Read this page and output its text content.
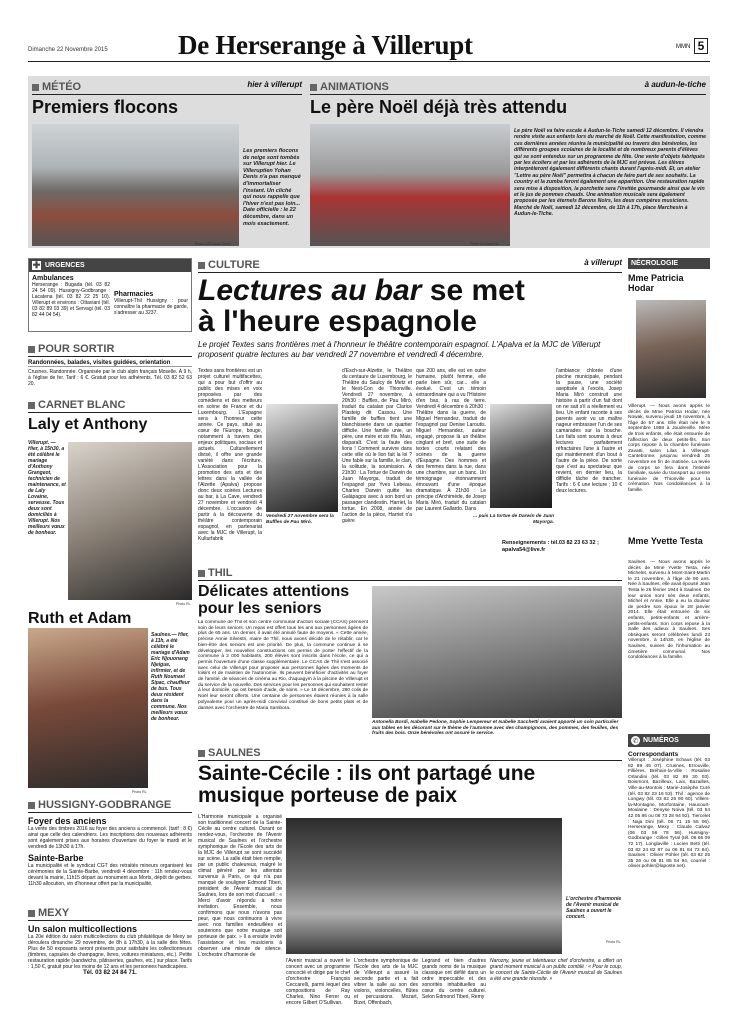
Dimanche 22 Novembre 2015	De Herserange à Villerupt	MMN 5
MÉTÉO	hier à villerupt
Premiers flocons
Les premiers flocons de neige sont tombés sur Villerupt hier. Le Villeruptien Yohan Denis n'a pas manqué d'immortaliser l'instant. Un cliché qui nous rappelle que l'hiver n'est pas loin... Date officielle : le 22 décembre, dans un mois exactement.
Photo DR/Yohan Denis
ANIMATIONS	à audun-le-tiche
Le père Noël déjà très attendu
Le père Noël va faire escale à Audun-le-Tiche samedi 12 décembre. Il viendra rendre visite aux enfants lors du marché de Noël. Cette manifestation, comme ces dernières années réunira la municipalité ou travers des bénévoles, les différents groupes scolaires de la localité et de nombreux parents d'élèves qui se sont entendus sur un programme de fête. Une vente d'objets fabriqués par les écoliers et par les adhérents de la MJC est prévue. Les élèves interpréteront également différents chants durant l'après-midi. Et, un atelier "Lettre au père Noël" permettra à chacun de faire part de ses souhaits. La country et la zumba feront également une apparition. Une restauration rapide sera mise à disposition, la porchette sera l'invitée gourmande ainsi que le vin et le jus de pommes chauds. Une animation musicale sera également proposée par les éternels Barons Noirs, les deux compères musiciens. Marché de Noël, samedi 12 décembre, de 11h à 17h, place Marchesin à Audun-le-Tiche.
Photo Archives RL
✚ URGENCES
Ambulances
Herserange : Bugada (tél. 03 82 24 54 09). Hussigny-Godbrange : Lacatena (tél. 03 82 22 25 10). Villerupt et environs : Ottaviani (tél. 03 82 89 03 39) et Servagi (tél. 03 82 44 04 54).
Pharmacies
Villerupt-Thil Hussigny : pour connaître la pharmacie de garde, s'adresser au 3237.
POUR SORTIR
Randonnées, balades, visites guidées, orientation
Crusnes. Randonnée. Organisée par le club alpin français Moselle. À 9 h, à l'église de fer. Tarif : 6 €. Gratuit pour les adhérents. Tél. 03 82 52 63 20.
CARNET BLANC
Laly et Anthony
Villerupt. — Hier, à 15h30, a été célébré le mariage d'Anthony Grangeot, technicien de maintenance, et de Laly Lovaine, serveuse. Tous deux sont domiciliés à Villerupt. Nos meilleurs vœux de bonheur.
Photo RL
Ruth et Adam
Saulnes.— Hier, à 11h, a été célébré le mariage d'Adam Eric Njouonang Njeigue, infirmier, et de Ruth Noumavi Sipac, chauffeur de bus. Tous deux résident dans la commune. Nos meilleurs vœux de bonheur.
Photo RL
HUSSIGNY-GODBRANGE
Foyer des anciens
La vente des timbres 2016 au foyer des anciens a commencé. (tarif : 8 €) ainsi que celle des calendriers. Les inscriptions des nouveaux adhérents sont également prises aux horaires d'ouverture du foyer le mardi et le vendredi de 13h30 à 17h.
Sainte-Barbe
La municipalité et le syndicat CGT des retraités mineurs organisent les cérémonies de la Sainte-Barbe, vendredi 4 décembre : 11h rendez-vous devant la mairie, 11h15 départ au monument aux Morts, dépôt de gerbes. 11h30 allocution, vin d'honneur offert par la municipalité.
MEXY
Un salon multicollections
La 20e édition du salon multicollections du club philatélique de Mexy se déroulera dimanche 29 novembre, de 8h à 17h30, à la salle des fêtes. Plus de 50 exposants seront présents pour satisfaire les collectionneurs (timbres, capsules de champagne, livres, voitures miniatures, etc.). Petite restauration rapide (sandwichs, pâtisseries, gaufres, etc.) sur place. Tarifs : 1,50 €, gratuit pour les moins de 12 ans et les personnes handicapées.
Tél. 03 82 24 84 71.
CULTURE	à villerupt
Lectures au bar se met
à l'heure espagnole
Le projet Textes sans frontières met à l'honneur le théâtre contemporain espagnol. L'Apalva et la MJC de Villerupt proposent quatre lectures au bar vendredi 27 novembre et vendredi 4 décembre.
Textes sans frontières est un projet culturel multifacettes, qui a pour but d'offrir au public des mises en voix proposées par des comédiens et des metteurs en scène de France et du Luxembourg. L'Espagne sera à l'honneur cette année. Ce pays, situé au cœur de l'Europe, bouge, notamment à travers des enjeux politiques, sociaux et actuels. Culturellement divisé, il offre une grande variété dans l'écriture. L'Association pour la promotion des arts et des lettres dans la vallée de l'Alzette (Apalva) propose donc deux soirées Lectures au bar, à La Cave, vendredi 27 novembre et vendredi 4 décembre. L'occasion de partir à la découverte du théâtre contemporain espagnol, en partenariat avec la MJC de Villerupt, la Kulturfabrik
Vendredi 27 novembre sera la Buffles de Pau Miró.
d'Esch-sur-Alzette, le Théâtre du centaure de Luxembourg, le Théâtre du Saulcy de Metz et le Nest-Con de Thionville. Vendredi 27 novembre, à 20h30 : Buffles, de Pau Miró, traduit du catalan par Clarice Plasteig dit Cassou. Une famille de buffles tient une blanchisserie dans un quartier difficile. Une famille unie, un père, une mère et six fils. Mais, disparaît. C'est la faute des lions ! Comment survivre dans cette ville où le lion fait la loi ? Une fable sur la famille, le clan, la solitude, la soumission. À 21h30 : La Tortue de Darwin de Juan Mayorga, traduit de l'espagnol par Yves Lebeau. Charles Darwin quitte les Galápagos avec à son bord un passager clandestin. Harriet, la tortue. En 2008, année de l'action de la pièce, Harriet n'a guère
que 200 ans, elle est en outre humaine, plutôt femme, elle parle bien sûr, car... elle a évolué. C'est un témoin extraordinaire qui a vu l'Histoire d'en bas, à ras de terre. Vendredi 4 décembre à 20h30 : Théâtre dans la guerre, de Miguel Hernandez, traduit de l'espagnol par Denise Laroutis. Miguel Hernandez, auteur engagé, propose là un théâtre cinglant et bref, une suite de textes courts relatant des scènes de la guerre d'Espagne. Des hommes et des femmes dans la rue, dans une chambre, sur un banc. Un témoignage étonnamment émouvant d'une époque dramatique. À 21h30 : Le principe d'Archimède, de Josep Maria Miró, traduit du catalan par Laurent Gallardo. Dans
... puis La tortue de Darwin de Juan Mayorga.
l'ambiance chlorée d'une piscine municipale, pendant la pause, une société aseptisée à l'excès, Josep Maria Miró construit une histoire à partir d'un fait dont on ne sait s'il a réellement eu lieu. Un enfant raconte à ses parents avoir vu un maître nageur embrasser l'un de ses camarades sur la bouche. Les faits sont soumis à deux lectures parfaitement réfractaires l'une à l'autre et qui maintiennent d'un bout à l'autre de la pièce. De sorte que c'est au spectateur que revient, en dernier lieu, la difficile tâche de trancher. Tarifs : 6 € une lecture ; 10 € deux lectures.
Renseignements : tél.03 82 23 63 32 ; apalva54@live.fr
THIL
Délicates attentions pour les seniors
La commune de Thil et son centre communal d'action sociale (CCAS) prennent soin de leurs seniors. Un repas est offert tous les ans aux personnes âgées de plus de 65 ans. Un dernier, il avait été annulé faute de moyens. « Cette année, précise Annie Silvestri, maire de Thil, nous avons décidé de le rétablir, car le bien-être des seniors est une priorité. De plus, la commune continue à se développer, les nouvelles constructions ont permis de porter l'effectif de la commune à 2 000 habitants. 200 élèves sont inscrits dans l'école, ce qui a permis l'ouverture d'une classe supplémentaire. Le CCAS de Thil s'est associé avec celui de Villerupt pour proposer aux personnes âgées des moments de loisirs et de maintien de l'autonomie. Ils peuvent bénéficier d'activités au foyer de l'amitié, de séances de cinéma au Rio, d'aquagym à la piscine de Villerupt et du service de la nouvelle. Des services pour les personnes qui souhaitent rester à leur domicile, qui ont besoin d'aide, de soins. » Le 16 décembre, 260 colis de Noël leur seront offerts. Une centaine de personnes étaient réunies à la salle polyvalente pour un après-midi convivial constitué de bons petits plats et de danses avec l'orchestre de Maria Sambora.
Antonella Bordi, Isabelle Pedone, Sophie Lempereur et Isabelle Sacchetti avaient apporté un soin particulier aux tables en les décorant sur le thème de l'automne avec des champignons, des pommes, des feuilles, des fruits des bois. Onze bénévoles ont assuré le service.
SAULNES
Sainte-Cécile : ils ont partagé une musique porteuse de paix
L'Harmonie municipale a organisé son traditionnel concert de la Sainte-Cécile au centre culturel. Durant ce rendez-vous, l'orchestre de l'Avenir musical de Saulnes et l'orchestre symphonique de l'École des arts de la MJC de Villerupt se sont succédé sur scène. La salle était bien remplie, par un public chaleureux, malgré le climat généré par les attentats survenus à Paris, ce qui n'a pas manqué de souligner Edmond Tiberi, président de l'Avenir musical de Saulnes, lors de son mot d'accueil : « Merci d'avoir répondu à notre invitation. Ensemble, nous confirmons que nous n'avons pas peur, que nous continuons à vivre avec nos familles endeuillées et soutenons que notre musique soit porteuse de paix. » Il a ensuite invité l'assistance et les musiciens à observer une minute de silence. L'orchestre d'harmonie de
L'orchestre d'harmonie de l'Avenir musical de Saulnes a ouvert le concert.
Photo RL
l'Avenir musical a ouvert le concert avec un programme concocté et dirigé par le chef d'orchestre François Ceccarelli, parmi lequel des compositions de Ray Charles, Nino Ferrer ou encore Gilbert O'Sullivan.
L'orchestre symphonique de l'École des arts de la MJC de Villerupt a assuré la seconde partie et a fait vibrer la salle au son des violons, violoncelles, flûtes et percussions. Mozart, Bizet, Offenbach,
Legrand et bien d'autres grands noms de la musique classique ont défilé dans un ordre impeccable et des sonorités inhabituelles au cœur du centre culturel. Selon Edmond Tiberi, Remy
Narozny, jeune et talentueux chef d'orchestre, a offert un grand moment musical à un public comblé : « Pour le coup, le concert de Sainte-Cécile de l'Avenir musical de Saulnes a été une grande réussite. »
NÉCROLOGIE
Mme Patricia Hodar
Villerupt. — Nous avons appris le décès de Mme Patricia Hodar, née Nowak, survenu jeudi 19 novembre, à l'âge de 57 ans. Elle était née le 5 septembre 1958 à Joudreville. Mère de trois enfants, elle était entourée de l'affection de deux petits-fils. Son corps repose à la chambre funéraire Zavatti, salon Lilas à Villerupt-Cantebonne, jusqu'au vendredi 25 novembre en fin de matinée. La levée de corps se fera dans l'intimité familiale, suivie du transport au centre funéraire de Thionville pour la crémation. Nos condoléances à la famille.
Mme Yvette Testa
Saulnes. — Nous avons appris le décès de Mme Yvette Testa, née Michelet, survenu à Mont-Saint-Martin le 21 novembre, à l'âge de 90 ans. Née à Saulnes, elle avait épousé Jean Testa le 26 février 1944 à Saulnes. De leur union sont nés deux enfants, Michel et Annie. Elle a eu la douleur de perdre son époux le 28 janvier 2014. Elle était entourée de six enfants, petits-enfants et arrière-petits-enfants. Son corps repose à la Salle des adieux à Saulnes. Ses obsèques seront célébrées lundi 23 novembre, à 14h30, en l'église de Saulnes, suivies de l'inhumation au cimetière communal. Nos condoléances à la famille.
✆ NUMÉROS
Correspondants
Villerupt : Joséphine Schaus (tél. 03 82 89 45 07). Crusnes, Errouville, Fillières, Bréhain-la-Ville : Rosaline Orlandini (tél. 03 82 89 30 03). Boismont, Bazilleux, Laix, Bazailles, Ville-au-Montois : Marie-Josèphe Curé (tél. 03 82 23 16 53). Thil : agence de Longwy (tél. 03 82 25 90 60). Villers-la-Montagne, Morfontaine, Haucourt-Moulaine : Denyse Noiva (tél. 03 54 42 05 86 ou 06 73 28 94 92). Tiercelet : Naja Dini (tél. 06 71 15 55 06). Herserange, Mexy : Claude Calvaz (06 03 56 78 56). Hussigny-Godbrange : Gilles Tyral (tél. 06 66 09 72 17). Longlaville : Lucien Betti (tél. 03 82 24 82 87 ou 06 81 64 72 84). Saulnes : Olivier Pohler (tél. 03 82 25 35 26 ou 06 81 85 54 94, courriel : olivier.pohler@laposte.net).
